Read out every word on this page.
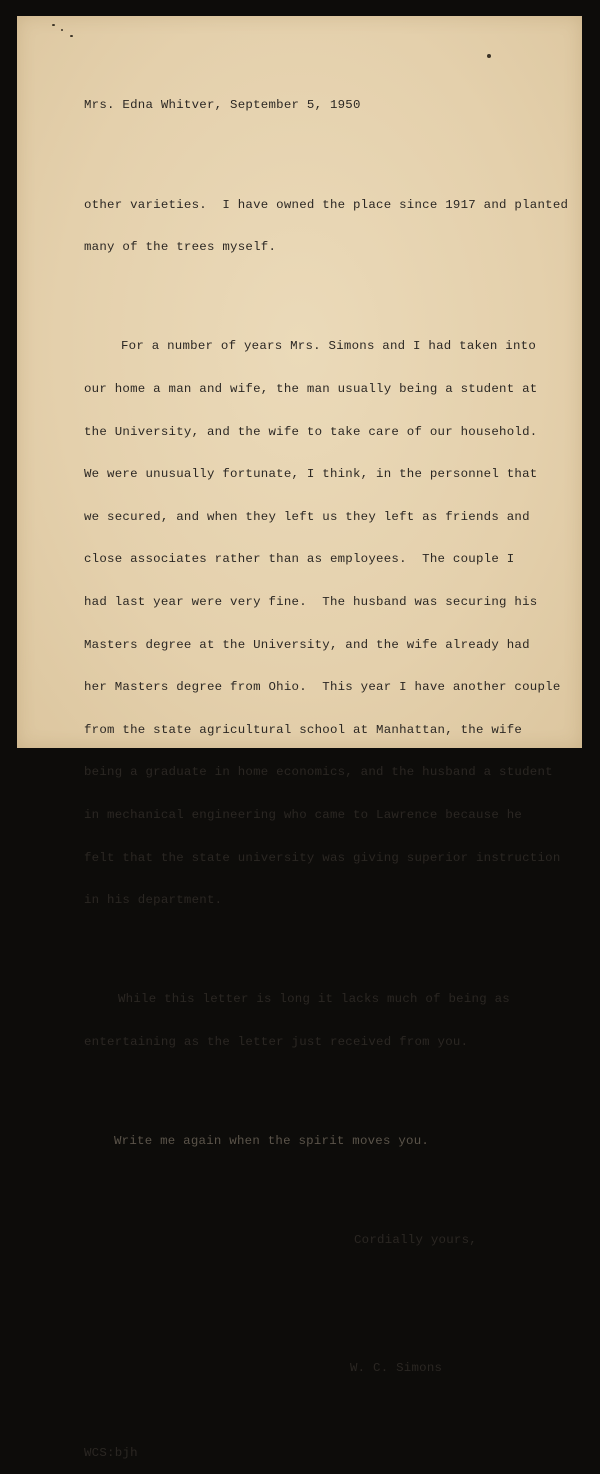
Mrs. Edna Whitver, September 5, 1950

other varieties.  I have owned the place since 1917 and planted

many of the trees myself.

For a number of years Mrs. Simons and I had taken into

our home a man and wife, the man usually being a student at

the University, and the wife to take care of our household.

We were unusually fortunate, I think, in the personnel that

we secured, and when they left us they left as friends and

close associates rather than as employees.  The couple I

had last year were very fine.  The husband was securing his

Masters degree at the University, and the wife already had

her Masters degree from Ohio.  This year I have another couple

from the state agricultural school at Manhattan, the wife

being a graduate in home economics, and the husband a student

in mechanical engineering who came to Lawrence because he

felt that the state university was giving superior instruction

in his department.

While this letter is long it lacks much of being as

entertaining as the letter just received from you.

Write me again when the spirit moves you.

Cordially yours,

W. C. Simons

WCS:bjh
